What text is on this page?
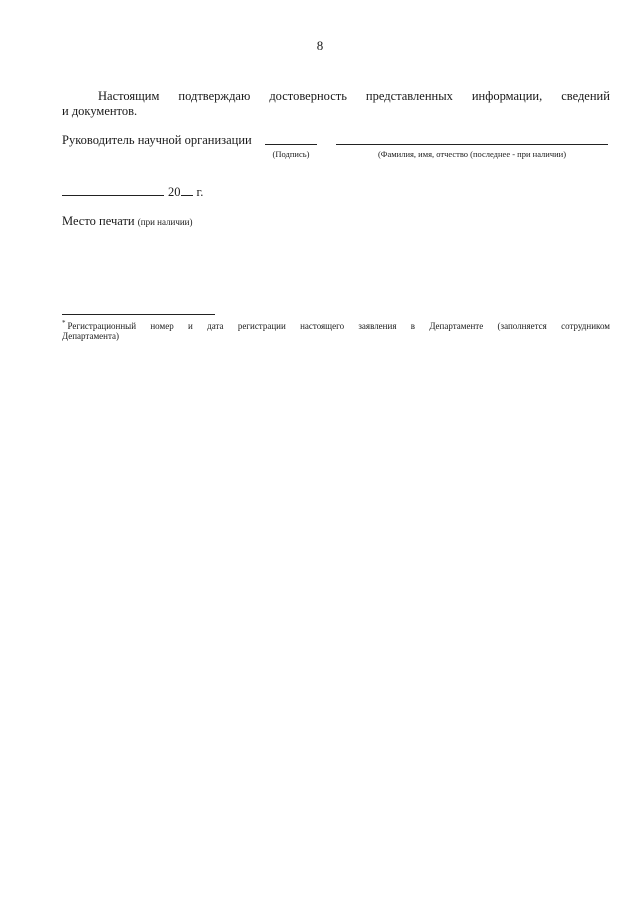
8
Настоящим подтверждаю достоверность представленных информации, сведений
и документов.
Руководитель научной организации
(Подпись)	(Фамилия, имя, отчество (последнее - при наличии)
20 г.
Место печати (при наличии)
* Регистрационный номер и дата регистрации настоящего заявления в Департаменте (заполняется сотрудником
Департамента)
